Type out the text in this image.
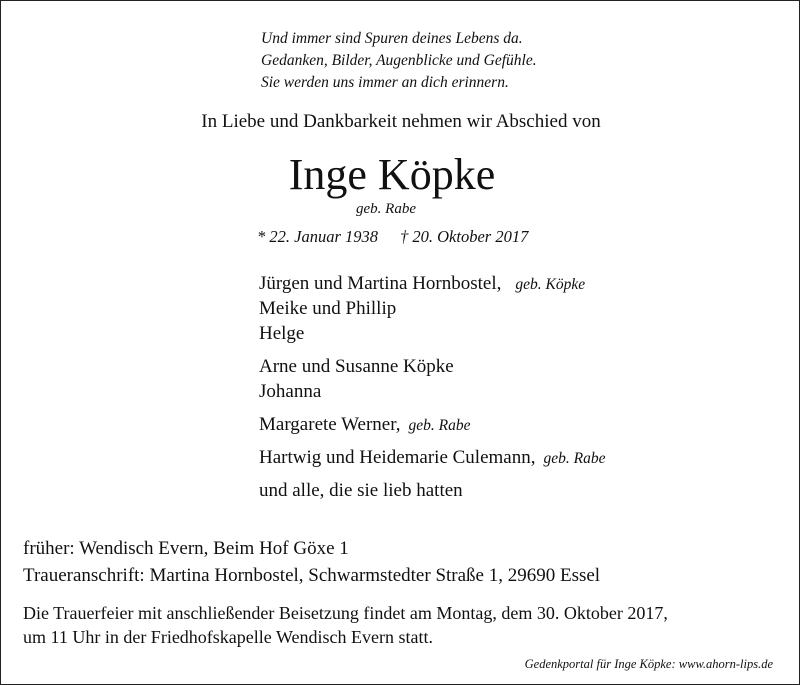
Und immer sind Spuren deines Lebens da.
Gedanken, Bilder, Augenblicke und Gefühle.
Sie werden uns immer an dich erinnern.
In Liebe und Dankbarkeit nehmen wir Abschied von
Inge Köpke
geb. Rabe
* 22. Januar 1938 † 20. Oktober 2017
Jürgen und Martina Hornbostel, geb. Köpke
Meike und Phillip
Helge
Arne und Susanne Köpke
Johanna
Margarete Werner, geb. Rabe
Hartwig und Heidemarie Culemann, geb. Rabe
und alle, die sie lieb hatten
früher: Wendisch Evern, Beim Hof Göxe 1
Traueranschrift: Martina Hornbostel, Schwarmstedter Straße 1, 29690 Essel
Die Trauerfeier mit anschließender Beisetzung findet am Montag, dem 30. Oktober 2017,
um 11 Uhr in der Friedhofskapelle Wendisch Evern statt.
Gedenkportal für Inge Köpke: www.ahorn-lips.de
